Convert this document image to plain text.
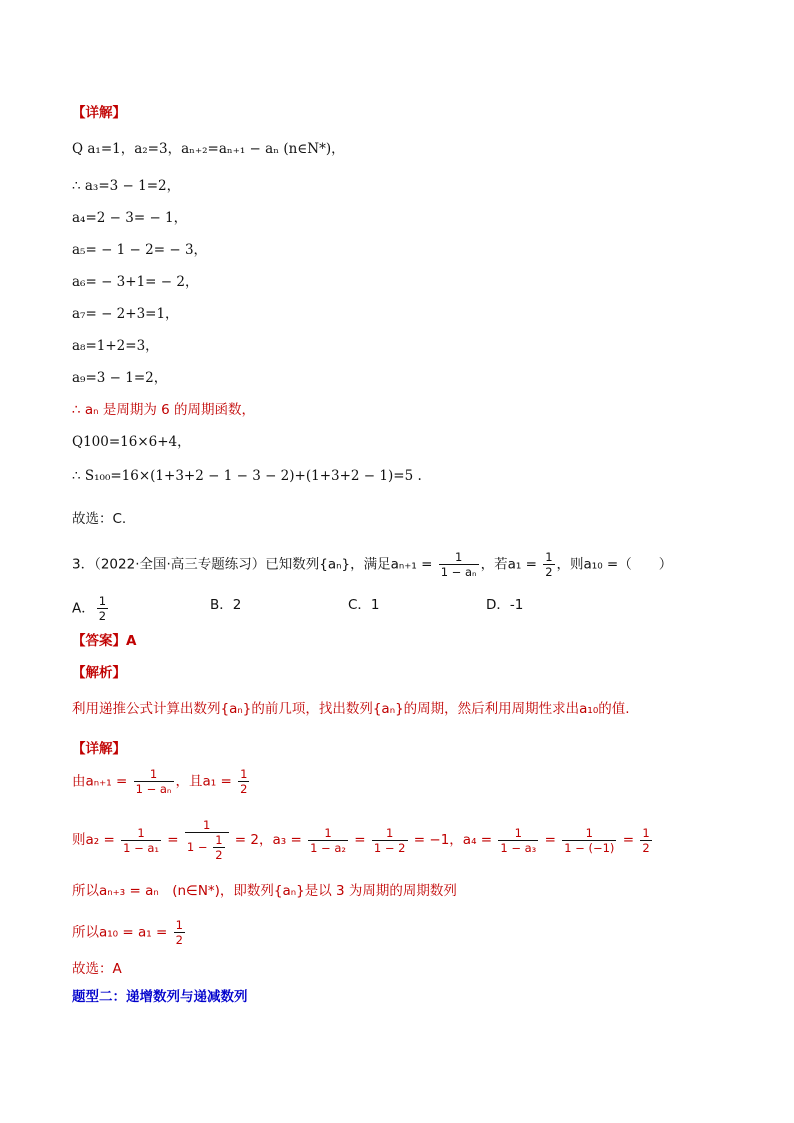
【详解】
Q a₁=1，a₂=3，aₙ₊₂=aₙ₊₁ − aₙ (n∈N*)，
∴ a₃=3 − 1=2，
a₄=2 − 3= − 1，
a₅= − 1 − 2= − 3，
a₆= − 3+1= − 2，
a₇= − 2+3=1，
a₈=1+2=3，
a₉=3 − 1=2，
∴ aₙ 是周期为 6 的周期函数，
Q100=16×6+4，
∴ S₁₀₀=16×(1+3+2 − 1 − 3 − 2)+(1+3+2 − 1)=5 .
故选：C.
3．（2022·全国·高三专题练习）已知数列{aₙ}，满足$a_{n+1} = \frac{1}{\text{1 − aₙ}}$ ，若$a_1 = \frac{1}{2}$ ，则a₁₀ =（　　）
A． $\frac{1}{2}$	B．2	C．1	D．-1
【答案】A
【解析】
利用递推公式计算出数列{aₙ}的前几项，找出数列{aₙ}的周期，然后利用周期性求出a₁₀的值.
【详解】
由$a_{n+1} = \frac{1}{\text{1 − aₙ}}$ ，且$a_1 = \frac{1}{2}$
则$a_2 = \frac{1}{\text{1 − a₁}} = \frac{1}{1 - \frac{1}{2}} = 2$，$a_3 = \frac{1}{\text{1 − a₂}} = \frac{1}{1 - 2} = -1$，$a_4 = \frac{1}{\text{1 − a₃}} = \frac{1}{1 - (-1)} = \frac{1}{2}$
所以aₙ₊₃ = aₙ　(n∈N*)，即数列{aₙ}是以 3 为周期的周期数列
所以$a_{10} = a_1 = \frac{1}{2}$
故选：A
题型二：递增数列与递减数列
